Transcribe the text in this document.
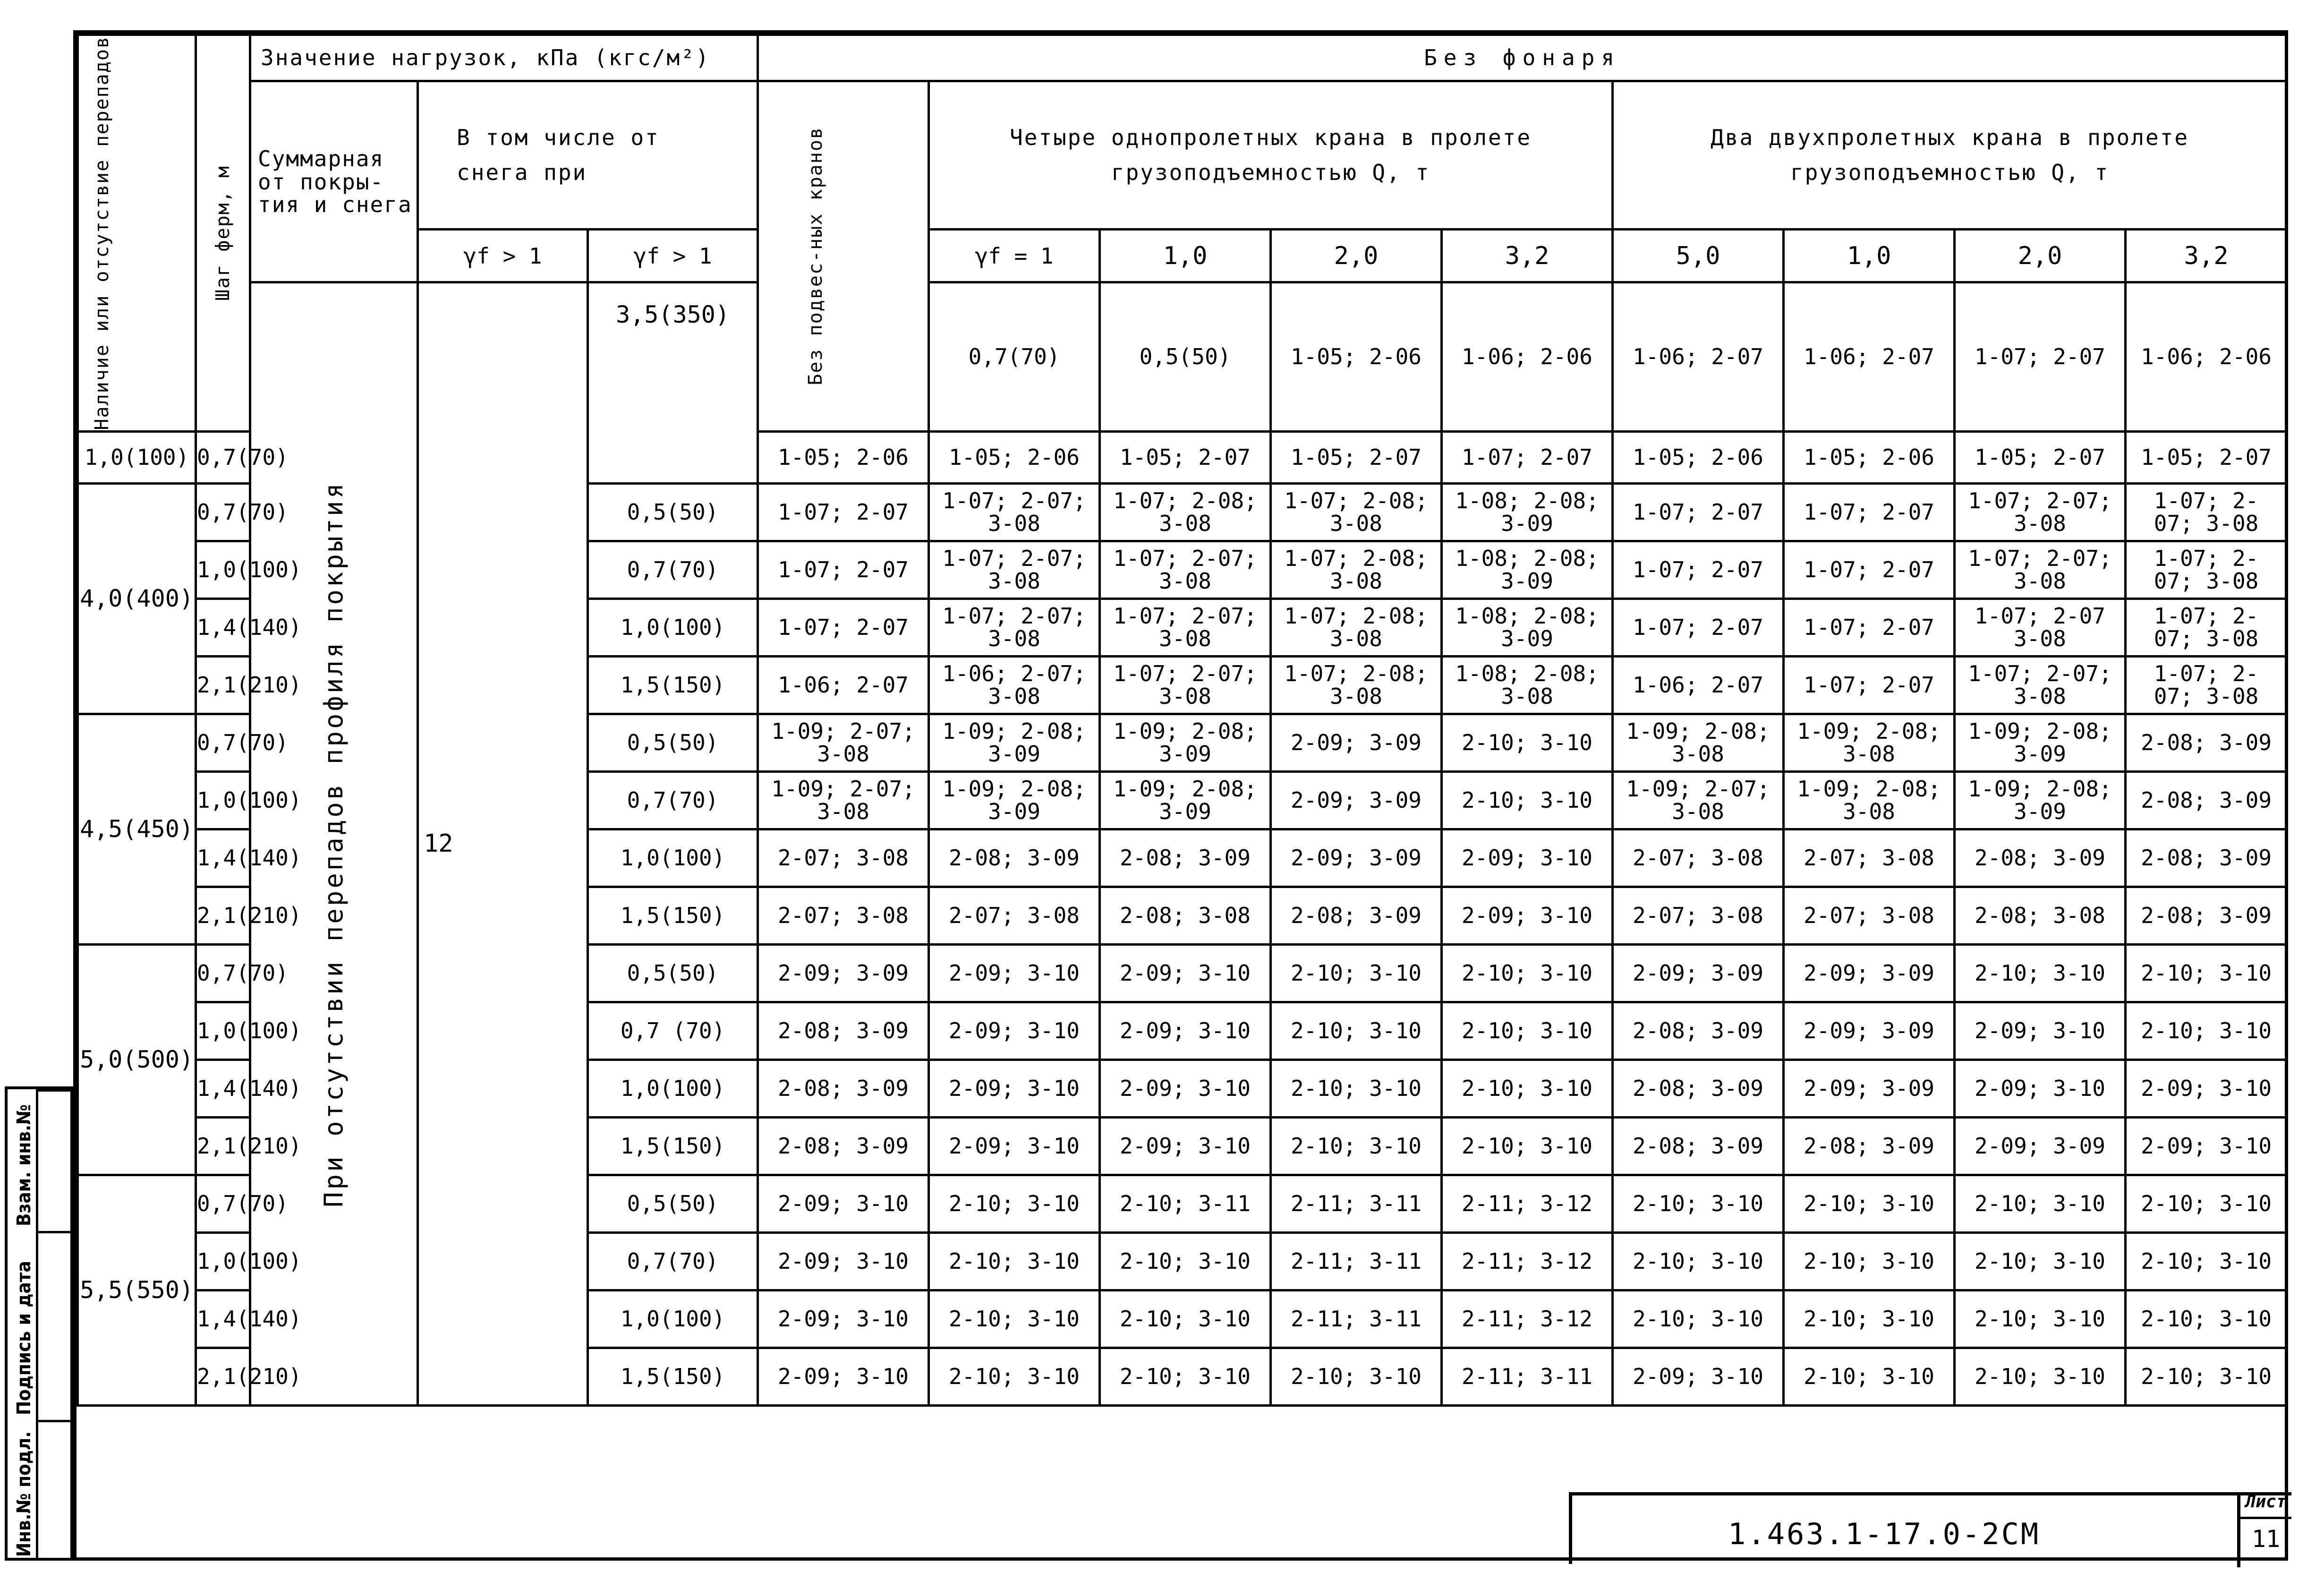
Инв.№ подл.
Подпись и дата
Взам. инв.№
Наличие или отсутствие перепадов	Шаг ферм, м	Значение нагрузок, кПа (кгс/м²)			Без фонаря									
		Суммарная от покры-тия и снега	В том числе от снега при		Без подвес-ных кранов	Четыре однопролетных крана в пролете грузоподъемностью Q, т				Два двухпролетных крана в пролете грузоподъемностью Q, т				
			γf > 1	γf > 1		γf = 1	1,0	2,0	3,2	5,0	1,0	2,0	3,2	

		При отсутствии перепадов профиля покрытия	12	3,5(350)		0,7(70)	0,5(50)	1-05; 2-06	1-06; 2-06	1-06; 2-07	1-06; 2-07	1-07; 2-07	1-06; 2-06			
1,0(100)	0,7(70)				1-05; 2-06	1-05; 2-06	1-05; 2-07	1-05; 2-07	1-07; 2-07	1-05; 2-06	1-05; 2-06	1-05; 2-07	1-05; 2-07	
4,0(400)	0,7(70)			0,5(50)	1-07; 2-07	1-07; 2-07; 3-08	1-07; 2-08; 3-08	1-07; 2-08; 3-08	1-08; 2-08; 3-09	1-07; 2-07	1-07; 2-07	1-07; 2-07; 3-08	1-07; 2-07; 3-08	
	1,0(100)			0,7(70)	1-07; 2-07	1-07; 2-07; 3-08	1-07; 2-07; 3-08	1-07; 2-08; 3-08	1-08; 2-08; 3-09	1-07; 2-07	1-07; 2-07	1-07; 2-07; 3-08	1-07; 2-07; 3-08	
	1,4(140)			1,0(100)	1-07; 2-07	1-07; 2-07; 3-08	1-07; 2-07; 3-08	1-07; 2-08; 3-08	1-08; 2-08; 3-09	1-07; 2-07	1-07; 2-07	1-07; 2-07 3-08	1-07; 2-07; 3-08	
	2,1(210)			1,5(150)	1-06; 2-07	1-06; 2-07; 3-08	1-07; 2-07; 3-08	1-07; 2-08; 3-08	1-08; 2-08; 3-08	1-06; 2-07	1-07; 2-07	1-07; 2-07; 3-08	1-07; 2-07; 3-08	
4,5(450)	0,7(70)			0,5(50)	1-09; 2-07; 3-08	1-09; 2-08; 3-09	1-09; 2-08; 3-09	2-09; 3-09	2-10; 3-10	1-09; 2-08; 3-08	1-09; 2-08; 3-08	1-09; 2-08; 3-09	2-08; 3-09	
	1,0(100)			0,7(70)	1-09; 2-07; 3-08	1-09; 2-08; 3-09	1-09; 2-08; 3-09	2-09; 3-09	2-10; 3-10	1-09; 2-07; 3-08	1-09; 2-08; 3-08	1-09; 2-08; 3-09	2-08; 3-09	
	1,4(140)			1,0(100)	2-07; 3-08	2-08; 3-09	2-08; 3-09	2-09; 3-09	2-09; 3-10	2-07; 3-08	2-07; 3-08	2-08; 3-09	2-08; 3-09	
	2,1(210)			1,5(150)	2-07; 3-08	2-07; 3-08	2-08; 3-08	2-08; 3-09	2-09; 3-10	2-07; 3-08	2-07; 3-08	2-08; 3-08	2-08; 3-09	
5,0(500)	0,7(70)			0,5(50)	2-09; 3-09	2-09; 3-10	2-09; 3-10	2-10; 3-10	2-10; 3-10	2-09; 3-09	2-09; 3-09	2-10; 3-10	2-10; 3-10	
	1,0(100)			0,7 (70)	2-08; 3-09	2-09; 3-10	2-09; 3-10	2-10; 3-10	2-10; 3-10	2-08; 3-09	2-09; 3-09	2-09; 3-10	2-10; 3-10	
	1,4(140)			1,0(100)	2-08; 3-09	2-09; 3-10	2-09; 3-10	2-10; 3-10	2-10; 3-10	2-08; 3-09	2-09; 3-09	2-09; 3-10	2-09; 3-10	
	2,1(210)			1,5(150)	2-08; 3-09	2-09; 3-10	2-09; 3-10	2-10; 3-10	2-10; 3-10	2-08; 3-09	2-08; 3-09	2-09; 3-09	2-09; 3-10	
5,5(550)	0,7(70)			0,5(50)	2-09; 3-10	2-10; 3-10	2-10; 3-11	2-11; 3-11	2-11; 3-12	2-10; 3-10	2-10; 3-10	2-10; 3-10	2-10; 3-10	
	1,0(100)			0,7(70)	2-09; 3-10	2-10; 3-10	2-10; 3-10	2-11; 3-11	2-11; 3-12	2-10; 3-10	2-10; 3-10	2-10; 3-10	2-10; 3-10	
	1,4(140)			1,0(100)	2-09; 3-10	2-10; 3-10	2-10; 3-10	2-11; 3-11	2-11; 3-12	2-10; 3-10	2-10; 3-10	2-10; 3-10	2-10; 3-10	
	2,1(210)			1,5(150)	2-09; 3-10	2-10; 3-10	2-10; 3-10	2-10; 3-10	2-11; 3-11	2-09; 3-10	2-10; 3-10	2-10; 3-10	2-10; 3-10	
1.463.1-17.0-2СМ
Лист
11
